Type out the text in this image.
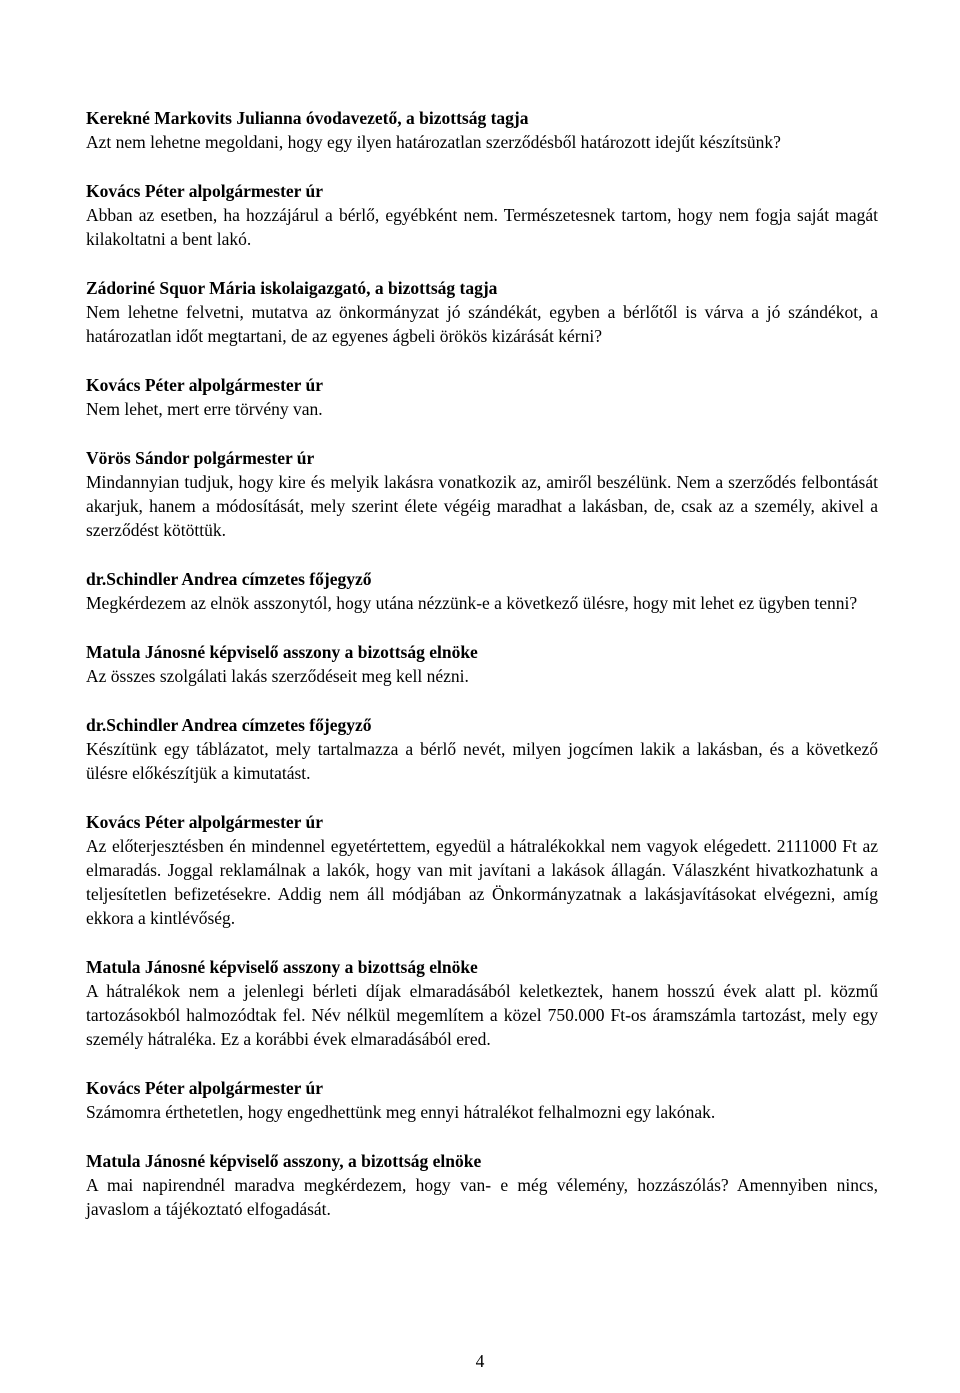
Kerekné Markovits Julianna óvodavezető, a bizottság tagja

Azt nem lehetne megoldani, hogy egy ilyen határozatlan szerződésből határozott idejűt készítsünk?

Kovács Péter alpolgármester úr

Abban az esetben, ha hozzájárul a bérlő, egyébként nem. Természetesnek tartom, hogy nem fogja saját magát kilakoltatni a bent lakó.

Zádoriné Squor Mária iskolaigazgató, a bizottság tagja

Nem lehetne felvetni, mutatva az önkormányzat jó szándékát, egyben a bérlőtől is várva a jó szándékot, a határozatlan időt megtartani, de az egyenes ágbeli örökös kizárását kérni?

Kovács Péter alpolgármester úr

Nem lehet, mert erre törvény van.

Vörös Sándor polgármester úr

Mindannyian tudjuk, hogy kire és melyik lakásra vonatkozik az, amiről beszélünk. Nem a szerződés felbontását akarjuk, hanem a módosítását, mely szerint élete végéig maradhat a lakásban, de, csak az a személy, akivel a szerződést kötöttük.

dr.Schindler Andrea címzetes főjegyző

Megkérdezem az elnök asszonytól, hogy utána nézzünk-e a következő ülésre, hogy mit lehet ez ügyben tenni?

Matula Jánosné képviselő asszony a bizottság elnöke

Az összes szolgálati lakás szerződéseit meg kell nézni.

dr.Schindler Andrea címzetes főjegyző

Készítünk egy táblázatot, mely tartalmazza a bérlő nevét, milyen jogcímen lakik a lakásban, és a következő ülésre előkészítjük a kimutatást.

Kovács Péter alpolgármester úr

Az előterjesztésben én mindennel egyetértettem, egyedül a hátralékokkal nem vagyok elégedett. 2111000 Ft az elmaradás. Joggal reklamálnak a lakók, hogy van mit javítani a lakások állagán. Válaszként hivatkozhatunk a teljesítetlen befizetésekre. Addig nem áll módjában az Önkormányzatnak a lakásjavításokat elvégezni, amíg ekkora a kintlévőség.

Matula Jánosné képviselő asszony a bizottság elnöke

A hátralékok nem a jelenlegi bérleti díjak elmaradásából keletkeztek, hanem hosszú évek alatt pl. közmű tartozásokból halmozódtak fel. Név nélkül megemlítem a közel 750.000 Ft-os áramszámla tartozást, mely egy személy hátraléka. Ez a korábbi évek elmaradásából ered.

Kovács Péter alpolgármester úr

Számomra érthetetlen, hogy engedhettünk meg ennyi hátralékot felhalmozni egy lakónak.

Matula Jánosné képviselő asszony, a bizottság elnöke

A mai napirendnél maradva megkérdezem, hogy van- e még vélemény, hozzászólás? Amennyiben nincs, javaslom a tájékoztató elfogadását.

4
